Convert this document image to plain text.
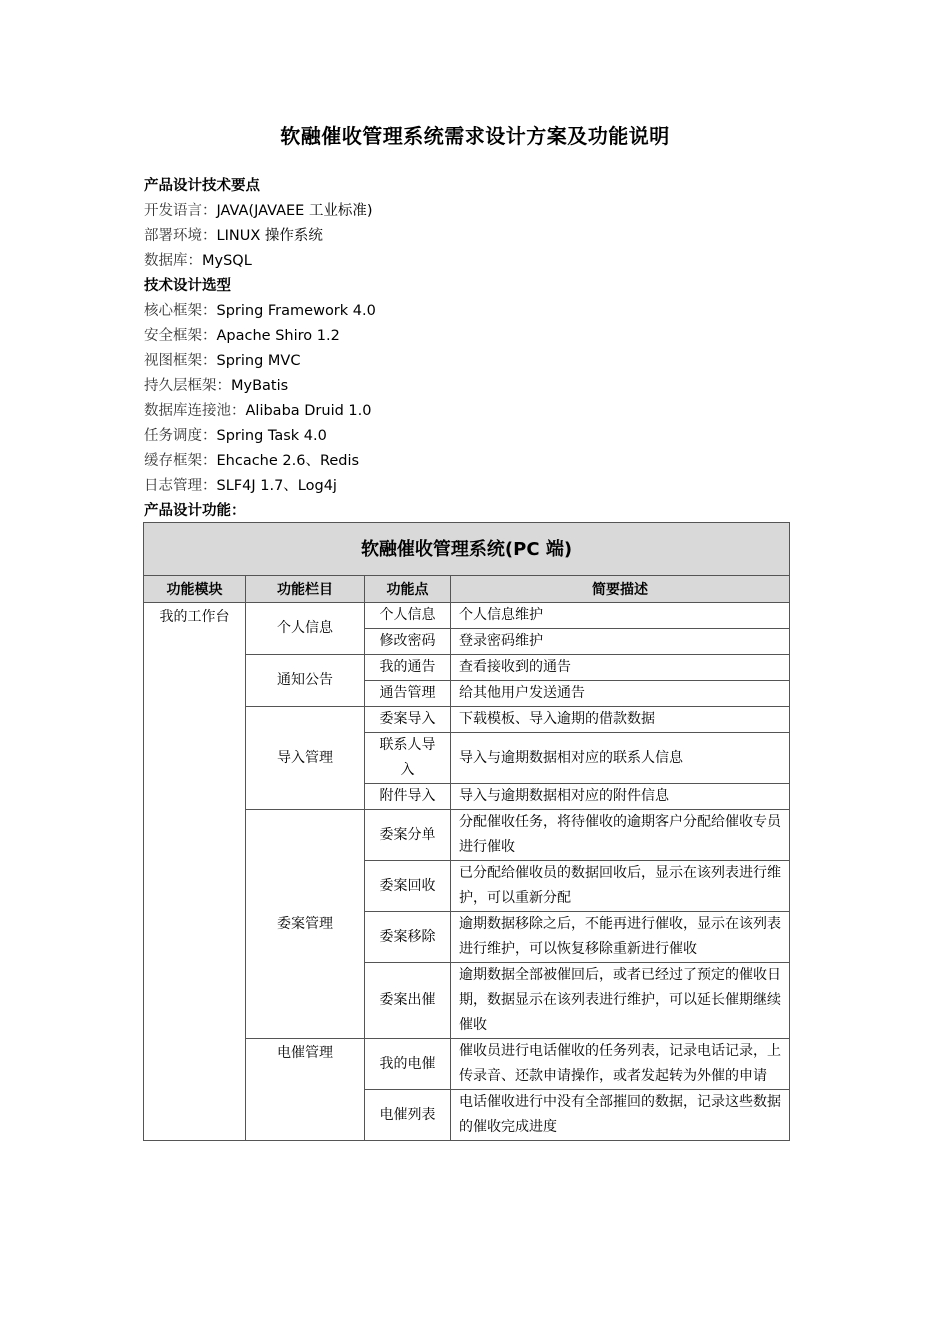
软融催收管理系统需求设计方案及功能说明
产品设计技术要点
开发语言：JAVA(JAVAEE 工业标准)
部署环境：LINUX 操作系统
数据库：MySQL
技术设计选型
核心框架：Spring Framework 4.0
安全框架：Apache Shiro 1.2
视图框架：Spring MVC
持久层框架：MyBatis
数据库连接池：Alibaba Druid 1.0
任务调度：Spring Task 4.0
缓存框架：Ehcache 2.6、Redis
日志管理：SLF4J 1.7、Log4j
产品设计功能：
软融催收管理系统(PC 端)			
功能模块	功能栏目	功能点	简要描述
我的工作台	个人信息	个人信息	个人信息维护
		修改密码	登录密码维护
	通知公告	我的通告	查看接收到的通告
		通告管理	给其他用户发送通告
	导入管理	委案导入	下载模板、导入逾期的借款数据
		联系人导入	导入与逾期数据相对应的联系人信息
		附件导入	导入与逾期数据相对应的附件信息
	委案管理	委案分单	分配催收任务，将待催收的逾期客户分配给催收专员进行催收
		委案回收	已分配给催收员的数据回收后，显示在该列表进行维护，可以重新分配
		委案移除	逾期数据移除之后，不能再进行催收，显示在该列表进行维护，可以恢复移除重新进行催收
		委案出催	逾期数据全部被催回后，或者已经过了预定的催收日期，数据显示在该列表进行维护，可以延长催期继续催收
	电催管理	我的电催	催收员进行电话催收的任务列表，记录电话记录，上传录音、还款申请操作，或者发起转为外催的申请
		电催列表	电话催收进行中没有全部摧回的数据，记录这些数据的催收完成进度
